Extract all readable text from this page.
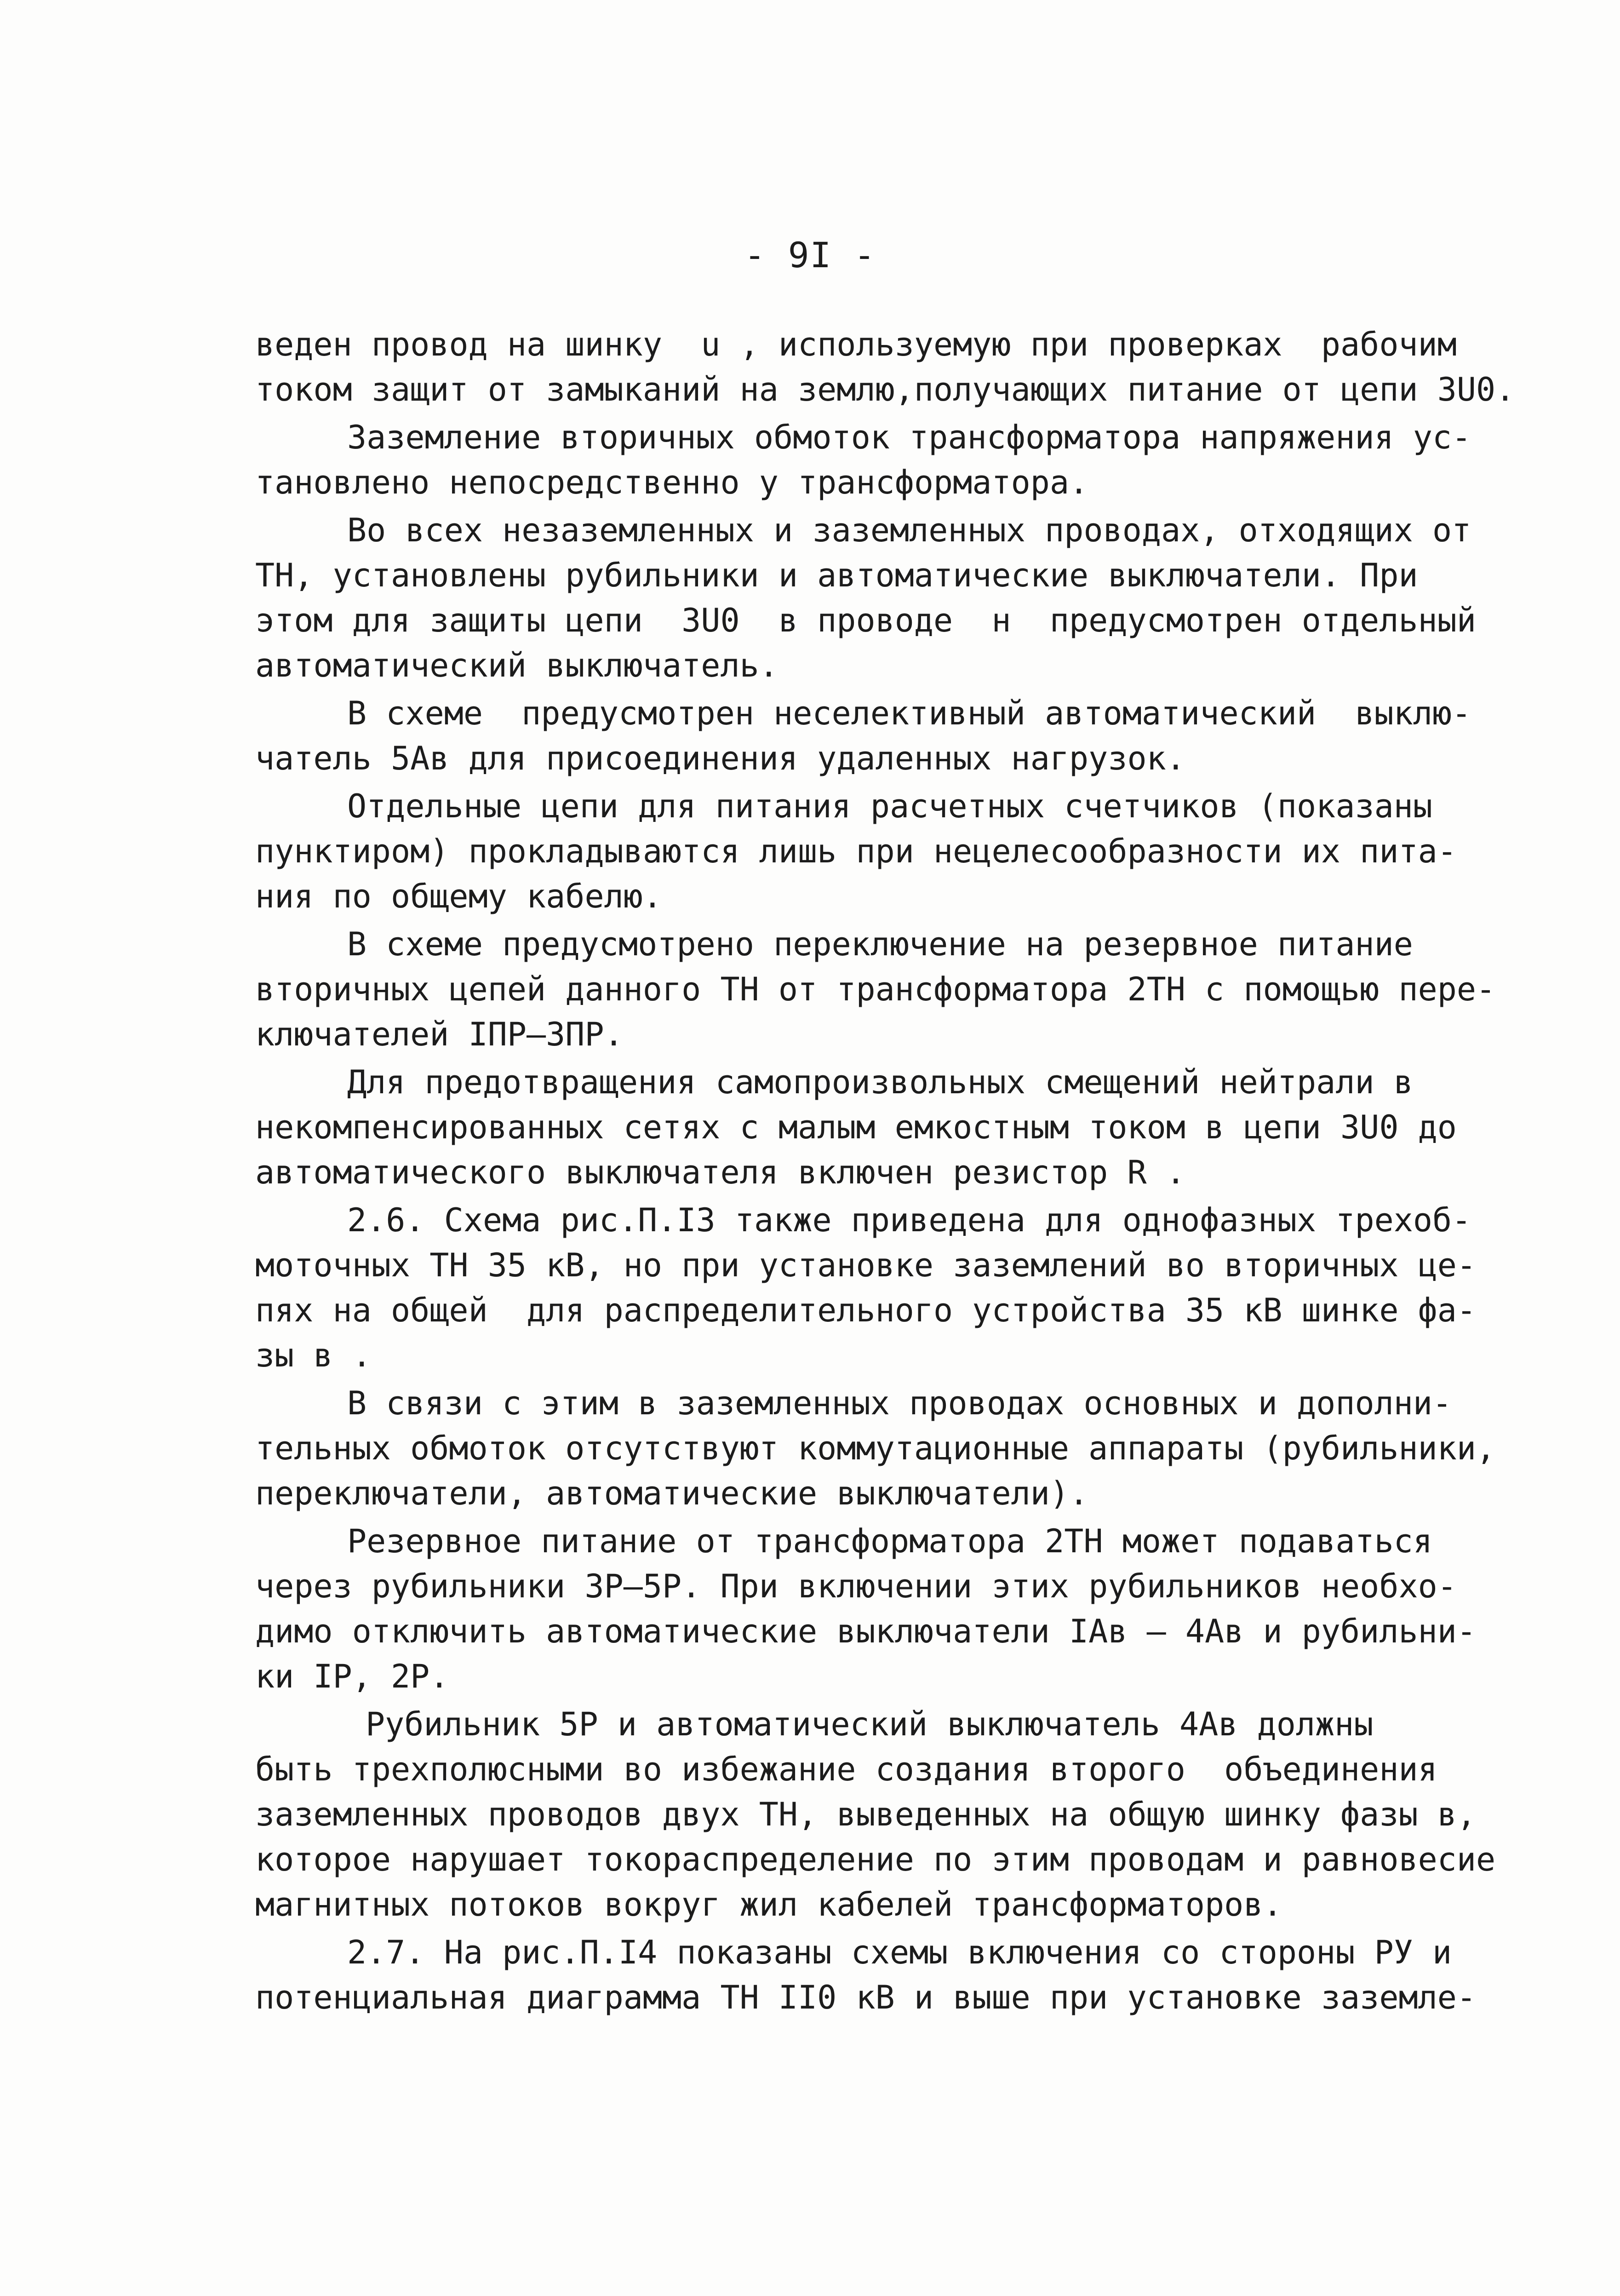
- 9I -
веден провод на шинку  u , используемую при проверках  рабочим
током защит от замыканий на землю,получающих питание от цепи 3U0.
Заземление вторичных обмоток трансформатора напряжения ус-
тановлено непосредственно у трансформатора.
Во всех незаземленных и заземленных проводах, отходящих от
ТН, установлены рубильники и автоматические выключатели. При
этом для защиты цепи  3U0  в проводе  н  предусмотрен отдельный
автоматический выключатель.
В схеме  предусмотрен неселективный автоматический  выклю-
чатель 5Ав для присоединения удаленных нагрузок.
Отдельные цепи для питания расчетных счетчиков (показаны
пунктиром) прокладываются лишь при нецелесообразности их пита-
ния по общему кабелю.
В схеме предусмотрено переключение на резервное питание
вторичных цепей данного ТН от трансформатора 2ТН с помощью пере-
ключателей IПР–3ПР.
Для предотвращения самопроизвольных смещений нейтрали в
некомпенсированных сетях с малым емкостным током в цепи 3U0 до
автоматического выключателя включен резистор R .
2.6. Схема рис.П.I3 также приведена для однофазных трехоб-
моточных ТН 35 кВ, но при установке заземлений во вторичных це-
пях на общей  для распределительного устройства 35 кВ шинке фа-
зы в .
В связи с этим в заземленных проводах основных и дополни-
тельных обмоток отсутствуют коммутационные аппараты (рубильники,
переключатели, автоматические выключатели).
Резервное питание от трансформатора 2ТН может подаваться
через рубильники 3Р–5Р. При включении этих рубильников необхо-
димо отключить автоматические выключатели IАв – 4Ав и рубильни-
ки IР, 2Р.
Рубильник 5Р и автоматический выключатель 4Ав должны
быть трехполюсными во избежание создания второго  объединения
заземленных проводов двух ТН, выведенных на общую шинку фазы в,
которое нарушает токораспределение по этим проводам и равновесие
магнитных потоков вокруг жил кабелей трансформаторов.
2.7. На рис.П.I4 показаны схемы включения со стороны РУ и
потенциальная диаграмма ТН II0 кВ и выше при установке заземле-
